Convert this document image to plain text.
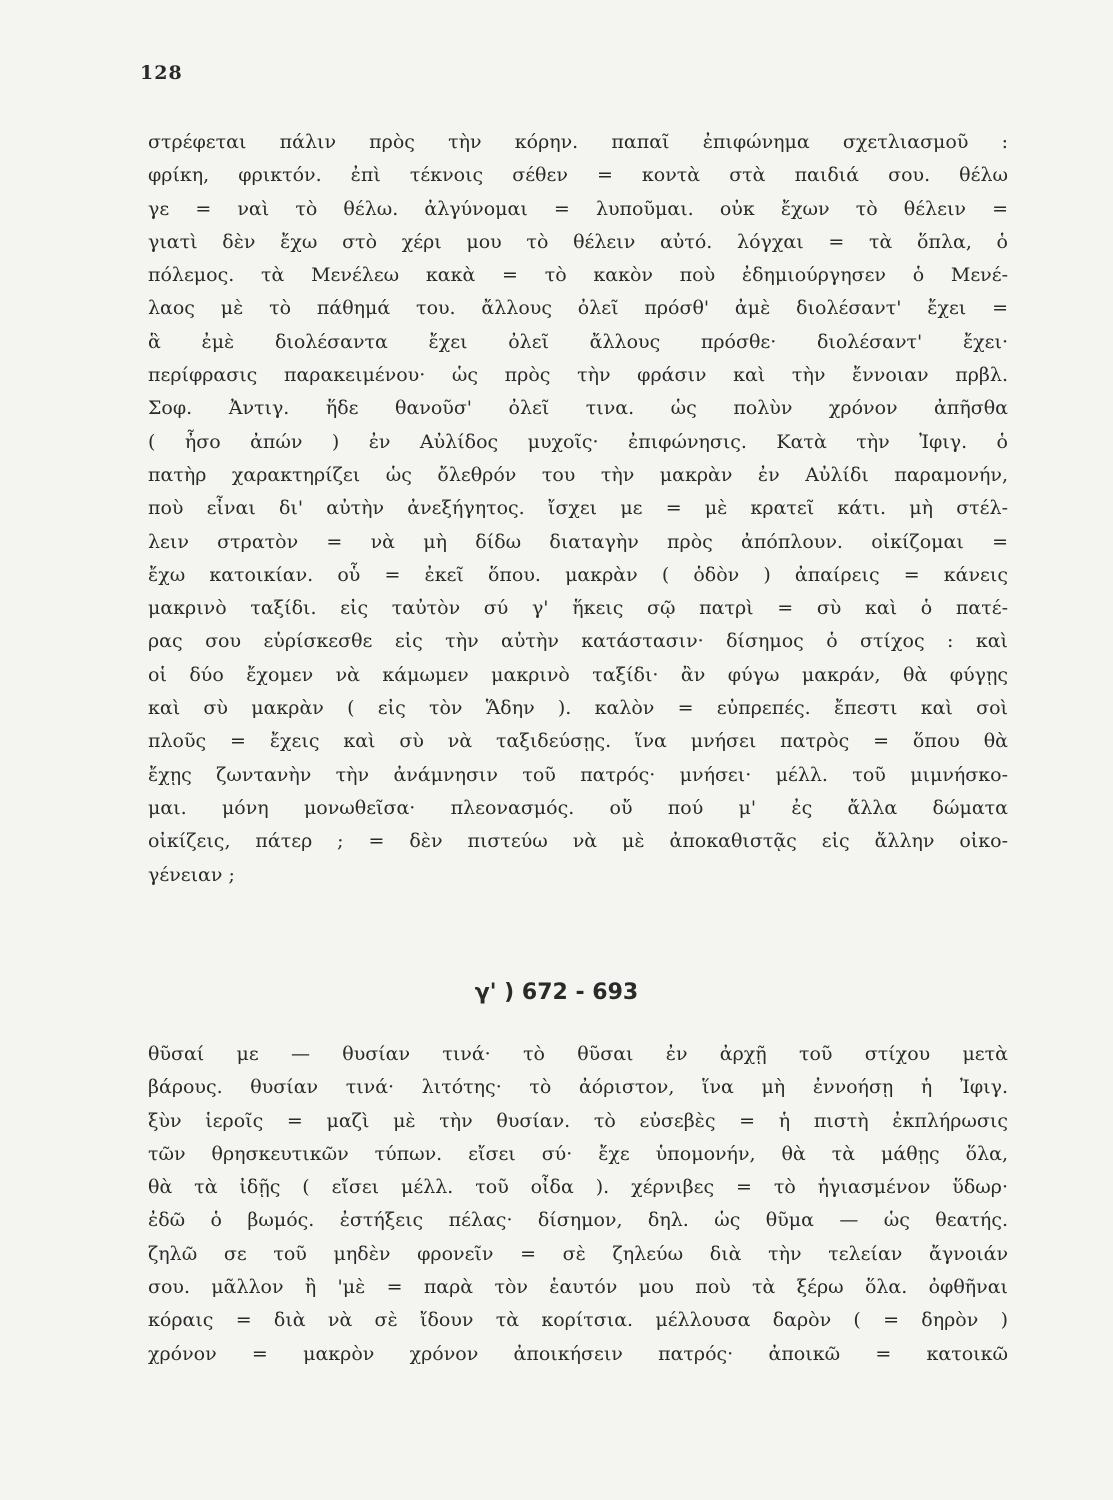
128
στρέφεται πάλιν πρὸς τὴν κόρην. παπαῖ ἐπιφώνημα σχετλιασμοῦ :
φρίκη, φρικτόν. ἐπὶ τέκνοις σέθεν = κοντὰ στὰ παιδιά σου. θέλω
γε = ναὶ τὸ θέλω. ἀλγύνομαι = λυποῦμαι. οὐκ ἔχων τὸ θέλειν =
γιατὶ δὲν ἔχω στὸ χέρι μου τὸ θέλειν αὐτό. λόγχαι = τὰ ὅπλα, ὁ
πόλεμος. τὰ Μενέλεω κακὰ = τὸ κακὸν ποὺ ἐδημιούργησεν ὁ Μενέ-
λαος μὲ τὸ πάθημά του. ἄλλους ὀλεῖ πρόσθ' ἀμὲ διολέσαντ' ἔχει =
ἃ ἐμὲ διολέσαντα ἔχει ὀλεῖ ἄλλους πρόσθε· διολέσαντ' ἔχει·
περίφρασις παρακειμένου· ὡς πρὸς τὴν φράσιν καὶ τὴν ἔννοιαν πρβλ.
Σοφ. Ἀντιγ. ἥδε θανοῦσ' ὀλεῖ τινα. ὡς πολὺν χρόνον ἀπῆσθα
( ἦσο ἀπών ) ἐν Αὐλίδος μυχοῖς· ἐπιφώνησις. Κατὰ τὴν Ἰφιγ. ὁ
πατὴρ χαρακτηρίζει ὡς ὄλεθρόν του τὴν μακρὰν ἐν Αὐλίδι παραμονήν,
ποὺ εἶναι δι' αὐτὴν ἀνεξήγητος. ἴσχει με = μὲ κρατεῖ κάτι. μὴ στέλ-
λειν στρατὸν = νὰ μὴ δίδω διαταγὴν πρὸς ἀπόπλουν. οἰκίζομαι =
ἔχω κατοικίαν. οὗ = ἐκεῖ ὅπου. μακρὰν ( ὁδὸν ) ἀπαίρεις = κάνεις
μακρινὸ ταξίδι. εἰς ταὐτὸν σύ γ' ἥκεις σῷ πατρὶ = σὺ καὶ ὁ πατέ-
ρας σου εὑρίσκεσθε εἰς τὴν αὐτὴν κατάστασιν· δίσημος ὁ στίχος : καὶ
οἱ δύο ἔχομεν νὰ κάμωμεν μακρινὸ ταξίδι· ἂν φύγω μακράν, θὰ φύγῃς
καὶ σὺ μακρὰν ( εἰς τὸν Ἅδην ). καλὸν = εὐπρεπές. ἔπεστι καὶ σοὶ
πλοῦς = ἔχεις καὶ σὺ νὰ ταξιδεύσῃς. ἵνα μνήσει πατρὸς = ὅπου θὰ
ἔχῃς ζωντανὴν τὴν ἀνάμνησιν τοῦ πατρός· μνήσει· μέλλ. τοῦ μιμνήσκο-
μαι. μόνη μονωθεῖσα· πλεονασμός. οὔ πού μ' ἐς ἄλλα δώματα
οἰκίζεις, πάτερ ; = δὲν πιστεύω νὰ μὲ ἀποκαθιστᾷς εἰς ἄλλην οἰκο-
γένειαν ;
γ' ) 672 - 693
θῦσαί με — θυσίαν τινά· τὸ θῦσαι ἐν ἀρχῇ τοῦ στίχου μετὰ
βάρους. θυσίαν τινά· λιτότης· τὸ ἀόριστον, ἵνα μὴ ἐννοήσῃ ἡ Ἰφιγ.
ξὺν ἱεροῖς = μαζὶ μὲ τὴν θυσίαν. τὸ εὐσεβὲς = ἡ πιστὴ ἐκπλήρωσις
τῶν θρησκευτικῶν τύπων. εἴσει σύ· ἔχε ὑπομονήν, θὰ τὰ μάθῃς ὅλα,
θὰ τὰ ἰδῇς ( εἴσει μέλλ. τοῦ οἶδα ). χέρνιβες = τὸ ἡγιασμένον ὕδωρ·
ἐδῶ ὁ βωμός. ἐστήξεις πέλας· δίσημον, δηλ. ὡς θῦμα — ὡς θεατής.
ζηλῶ σε τοῦ μηδὲν φρονεῖν = σὲ ζηλεύω διὰ τὴν τελείαν ἄγνοιάν
σου. μᾶλλον ἢ 'μὲ = παρὰ τὸν ἑαυτόν μου ποὺ τὰ ξέρω ὅλα. ὀφθῆναι
κόραις = διὰ νὰ σὲ ἴδουν τὰ κορίτσια. μέλλουσα δαρὸν ( = δηρὸν )
χρόνον = μακρὸν χρόνον ἀποικήσειν πατρός· ἀποικῶ = κατοικῶ
